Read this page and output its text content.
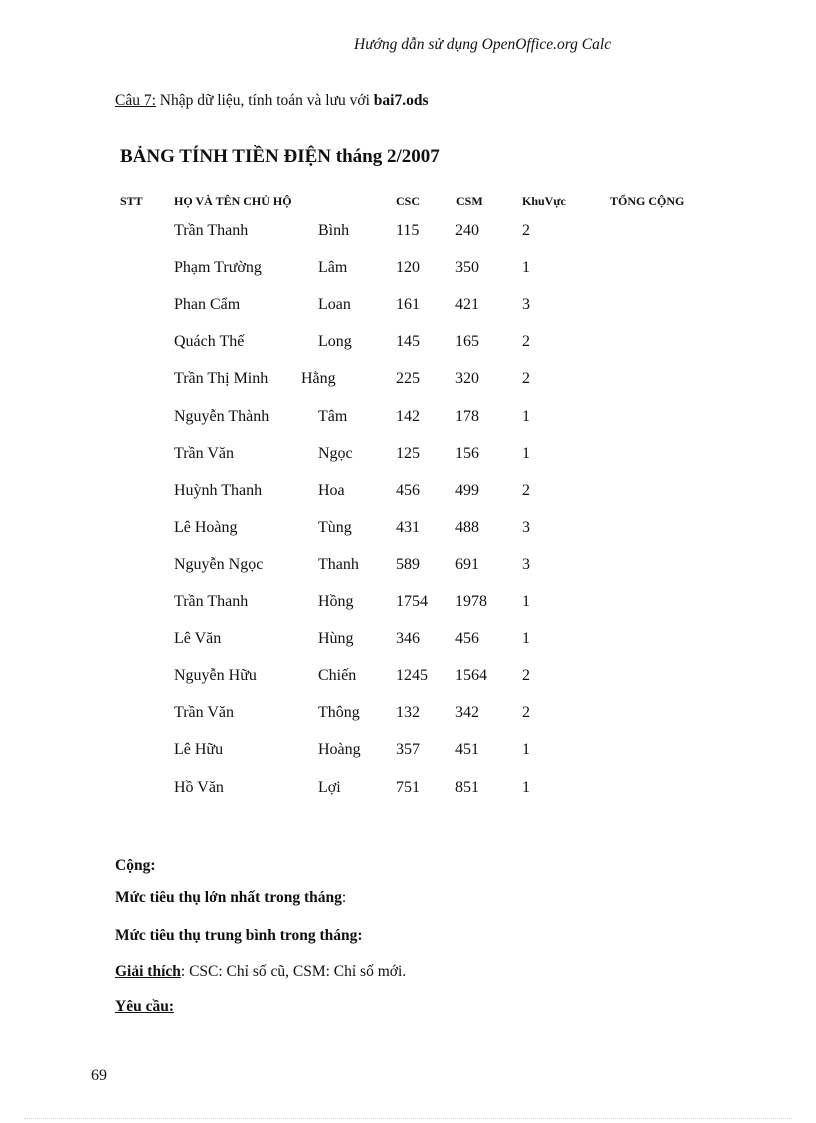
Hướng dẫn sử dụng OpenOffice.org Calc
Câu 7: Nhập dữ liệu, tính toán và lưu với bai7.ods
BẢNG TÍNH TIỀN ĐIỆN tháng 2/2007
STT	HỌ VÀ TÊN CHỦ HỘ	CSC	CSM	KhuVực	TỔNG CỘNG
Trần Thanh	Bình	115 240	2
Phạm Trường	Lâm	120 350	1
Phan Cẩm	Loan	161 421	3
Quách Thế	Long	145 165	2
Trần Thị Minh Hằng	225 320	2
Nguyễn Thành	Tâm	142 178	1
Trần Văn	Ngọc	125 156	1
Huỳnh Thanh	Hoa	456 499	2
Lê Hoàng	Tùng	431 488	3
Nguyễn Ngọc	Thanh 589 691	3
Trần Thanh	Hồng	1754 1978 1
Lê Văn	Hùng	346 456	1
Nguyễn Hữu	Chiến 1245 1564 2
Trần Văn	Thông 132 342	2
Lê Hữu	Hoàng 357 451	1
Hồ Văn	Lợi	751 851	1
Cộng:
Mức tiêu thụ lớn nhất trong tháng:
Mức tiêu thụ trung bình trong tháng:
Giải thích: CSC: Chỉ số cũ, CSM: Chỉ số mới.
Yêu cầu:
69
